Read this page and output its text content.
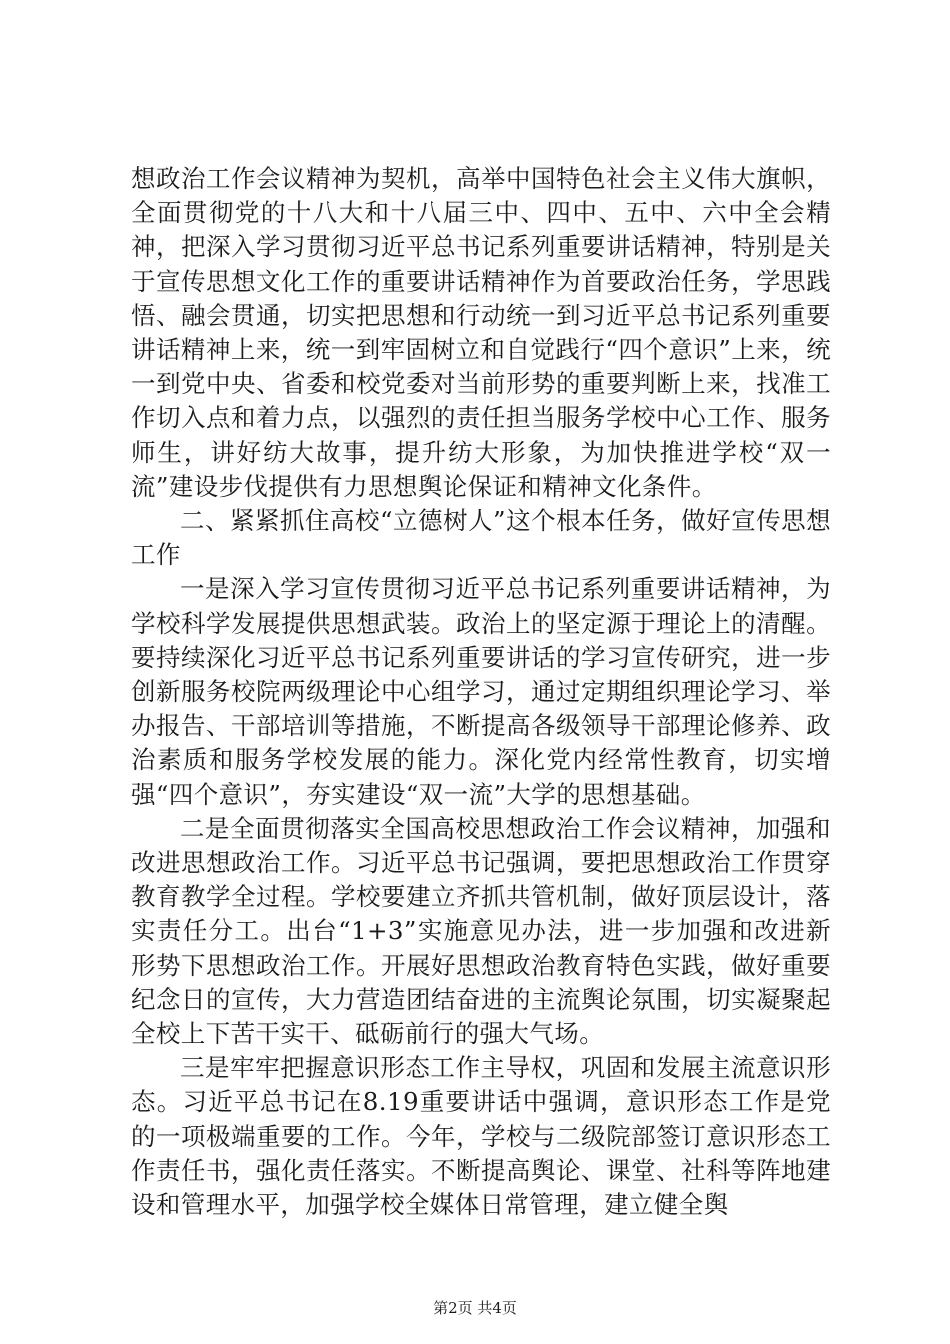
想政治工作会议精神为契机，高举中国特色社会主义伟大旗帜，全面贯彻党的十八大和十八届三中、四中、五中、六中全会精神，把深入学习贯彻习近平总书记系列重要讲话精神，特别是关于宣传思想文化工作的重要讲话精神作为首要政治任务，学思践悟、融会贯通，切实把思想和行动统一到习近平总书记系列重要讲话精神上来，统一到牢固树立和自觉践行“四个意识”上来，统一到党中央、省委和校党委对当前形势的重要判断上来，找准工作切入点和着力点，以强烈的责任担当服务学校中心工作、服务师生，讲好纺大故事，提升纺大形象，为加快推进学校“双一流”建设步伐提供有力思想舆论保证和精神文化条件。

二、紧紧抓住高校“立德树人”这个根本任务，做好宣传思想工作

一是深入学习宣传贯彻习近平总书记系列重要讲话精神，为学校科学发展提供思想武装。政治上的坚定源于理论上的清醒。要持续深化习近平总书记系列重要讲话的学习宣传研究，进一步创新服务校院两级理论中心组学习，通过定期组织理论学习、举办报告、干部培训等措施，不断提高各级领导干部理论修养、政治素质和服务学校发展的能力。深化党内经常性教育，切实增强“四个意识”，夯实建设“双一流”大学的思想基础。

二是全面贯彻落实全国高校思想政治工作会议精神，加强和改进思想政治工作。习近平总书记强调，要把思想政治工作贯穿教育教学全过程。学校要建立齐抓共管机制，做好顶层设计，落实责任分工。出台“1+3”实施意见办法，进一步加强和改进新形势下思想政治工作。开展好思想政治教育特色实践，做好重要纪念日的宣传，大力营造团结奋进的主流舆论氛围，切实凝聚起全校上下苦干实干、砥砺前行的强大气场。

三是牢牢把握意识形态工作主导权，巩固和发展主流意识形态。习近平总书记在8.19重要讲话中强调，意识形态工作是党的一项极端重要的工作。今年，学校与二级院部签订意识形态工作责任书，强化责任落实。不断提高舆论、课堂、社科等阵地建设和管理水平，加强学校全媒体日常管理，建立健全舆

第2页 共4页
